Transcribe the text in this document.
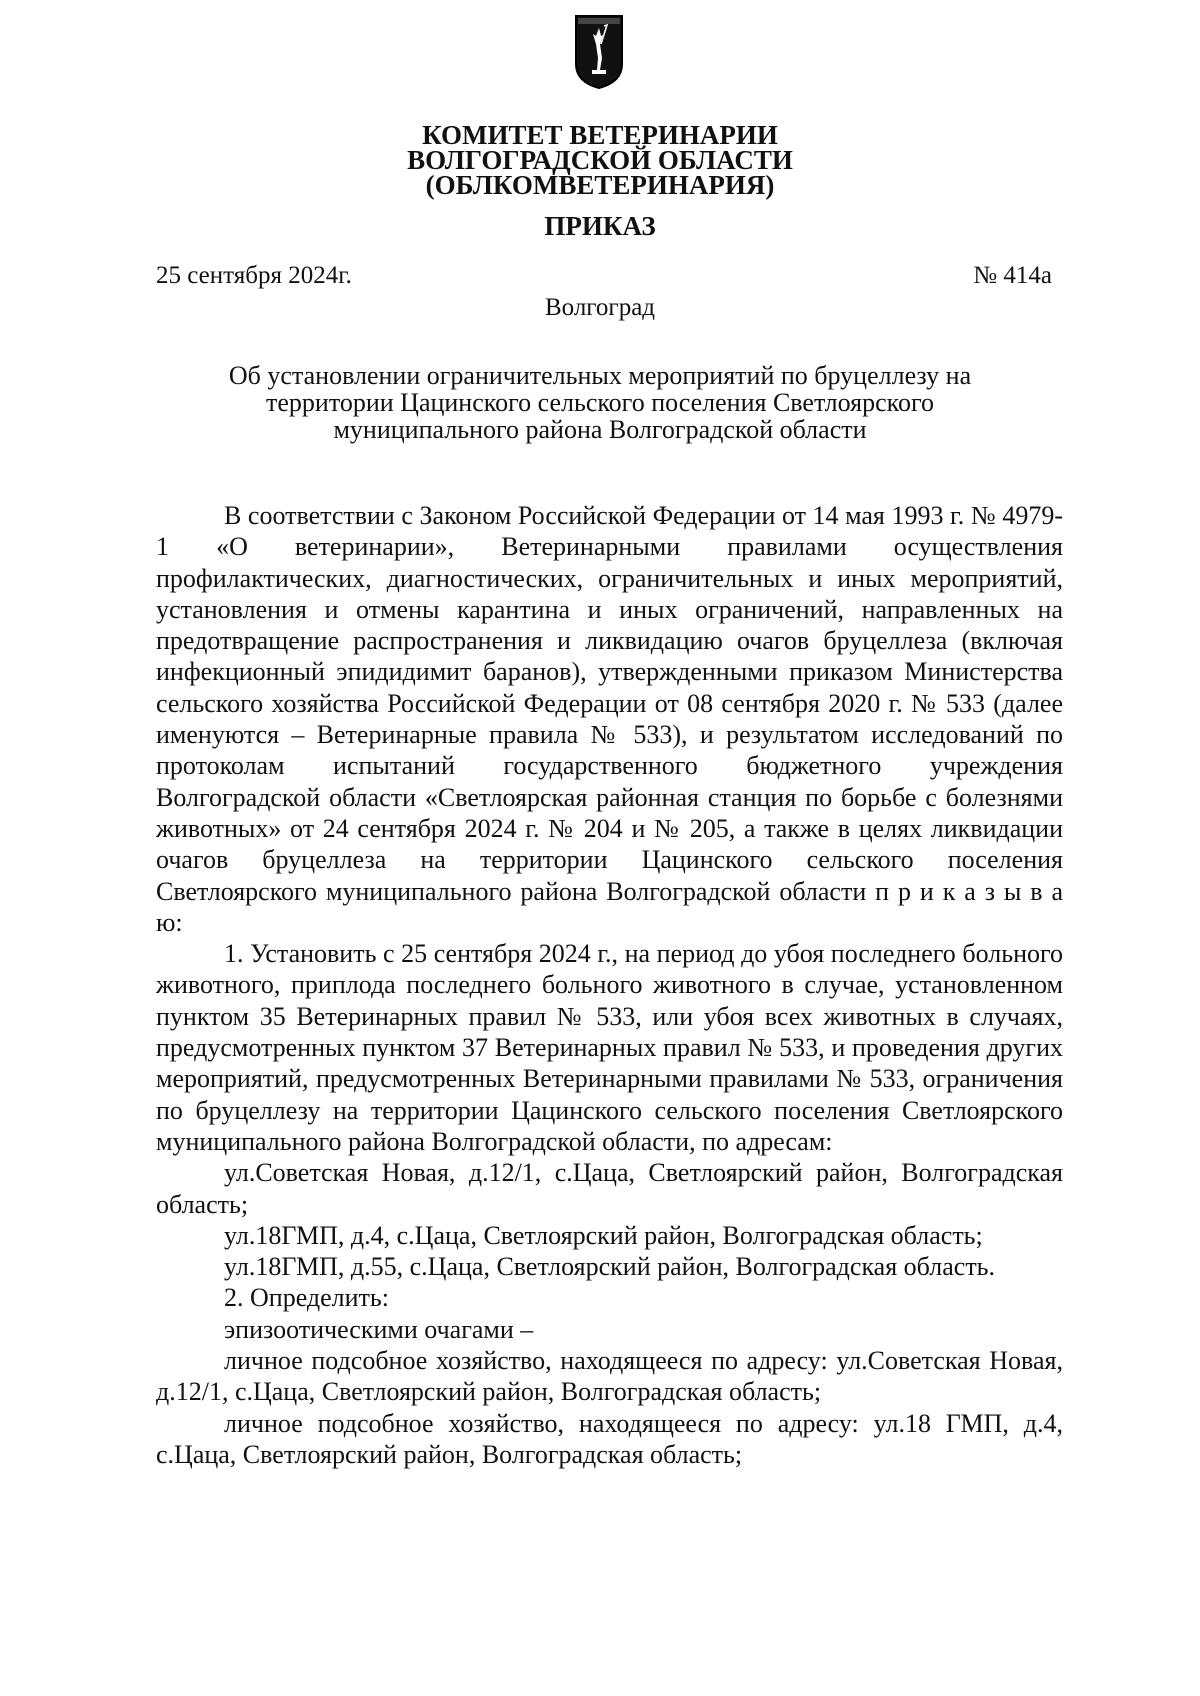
КОМИТЕТ ВЕТЕРИНАРИИ
ВОЛГОГРАДСКОЙ ОБЛАСТИ
(ОБЛКОМВЕТЕРИНАРИЯ)
ПРИКАЗ
25 сентября 2024г.	№ 414а
Волгоград
Об установлении ограничительных мероприятий по бруцеллезу на
территории Цацинского сельского поселения Светлоярского
муниципального района Волгоградской области

В соответствии с Законом Российской Федерации от 14 мая 1993 г. № 4979-1 «О ветеринарии», Ветеринарными правилами осуществления профилактических, диагностических, ограничительных и иных мероприятий, установления и отмены карантина и иных ограничений, направленных на предотвращение распространения и ликвидацию очагов бруцеллеза (включая инфекционный эпидидимит баранов), утвержденными приказом Министерства сельского хозяйства Российской Федерации от 08 сентября 2020 г. № 533 (далее именуются – Ветеринарные правила № 533), и результатом исследований по протоколам испытаний государственного бюджетного учреждения Волгоградской области «Светлоярская районная станция по борьбе с болезнями животных» от 24 сентября 2024 г. № 204 и № 205, а также в целях ликвидации очагов бруцеллеза на территории Цацинского сельского поселения Светлоярского муниципального района Волгоградской области п р и к а з ы в а ю:

1. Установить с 25 сентября 2024 г., на период до убоя последнего больного животного, приплода последнего больного животного в случае, установленном пунктом 35 Ветеринарных правил № 533, или убоя всех животных в случаях, предусмотренных пунктом 37 Ветеринарных правил № 533, и проведения других мероприятий, предусмотренных Ветеринарными правилами № 533, ограничения по бруцеллезу на территории Цацинского сельского поселения Светлоярского муниципального района Волгоградской области, по адресам:

ул.Советская Новая, д.12/1, с.Цаца, Светлоярский район, Волгоградская область;

ул.18ГМП, д.4, с.Цаца, Светлоярский район, Волгоградская область;

ул.18ГМП, д.55, с.Цаца, Светлоярский район, Волгоградская область.

2. Определить:

эпизоотическими очагами –

личное подсобное хозяйство, находящееся по адресу: ул.Советская Новая, д.12/1, с.Цаца, Светлоярский район, Волгоградская область;

личное подсобное хозяйство, находящееся по адресу: ул.18 ГМП, д.4, с.Цаца, Светлоярский район, Волгоградская область;
